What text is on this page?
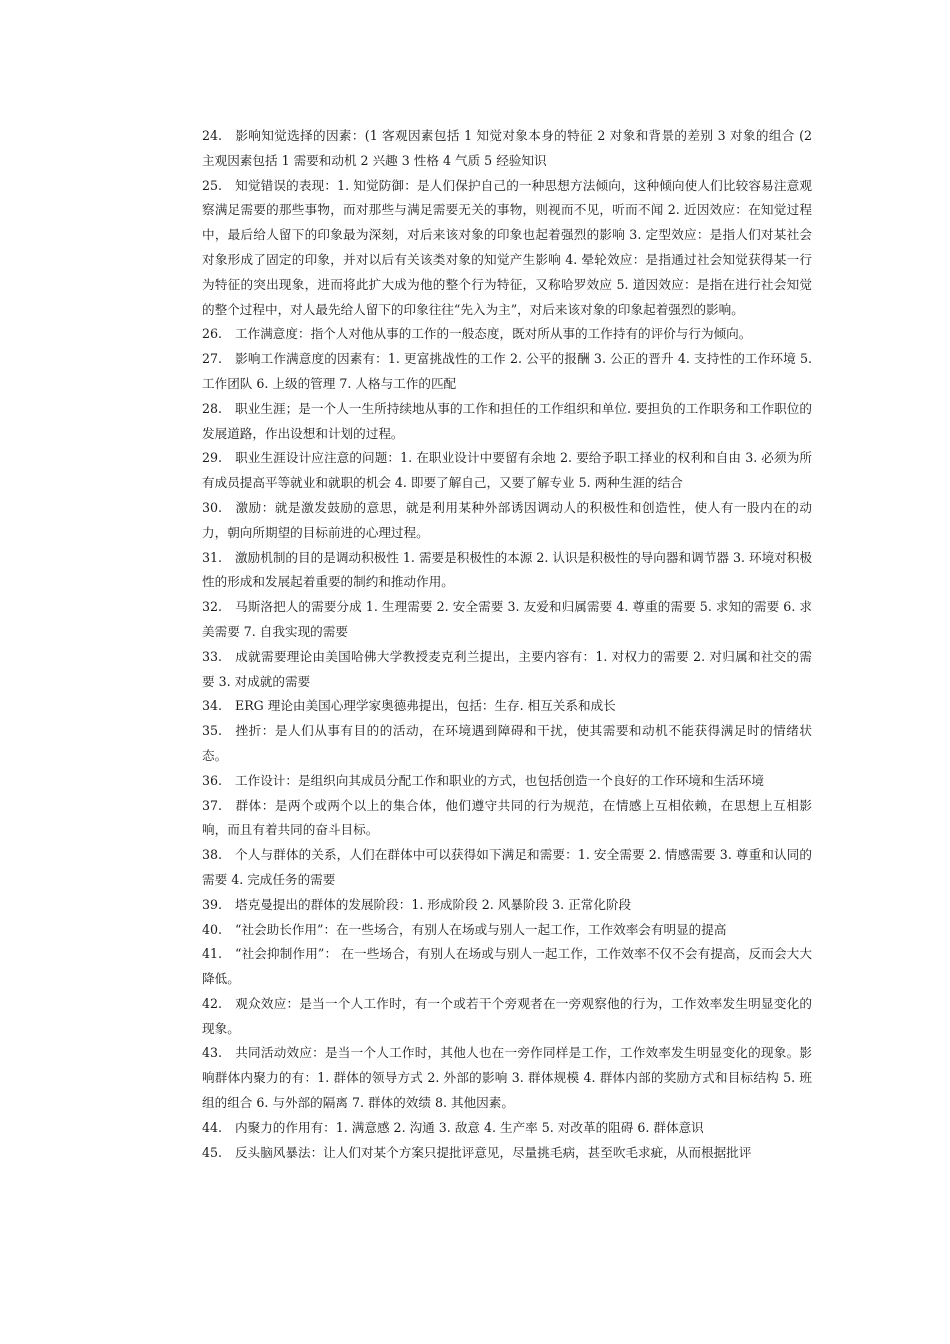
24. 影响知觉选择的因素：(1 客观因素包括 1 知觉对象本身的特征 2 对象和背景的差别 3 对象的组合 (2 主观因素包括 1 需要和动机 2 兴趣 3 性格 4 气质 5 经验知识

25. 知觉错误的表现：1. 知觉防御：是人们保护自己的一种思想方法倾向，这种倾向使人们比较容易注意观察满足需要的那些事物，而对那些与满足需要无关的事物，则视而不见，听而不闻 2. 近因效应：在知觉过程中，最后给人留下的印象最为深刻，对后来该对象的印象也起着强烈的影响 3. 定型效应：是指人们对某社会对象形成了固定的印象，并对以后有关该类对象的知觉产生影响 4. 晕轮效应：是指通过社会知觉获得某一行为特征的突出现象，进而将此扩大成为他的整个行为特征，又称哈罗效应 5. 道因效应：是指在进行社会知觉的整个过程中，对人最先给人留下的印象往往“先入为主”，对后来该对象的印象起着强烈的影响。

26. 工作满意度：指个人对他从事的工作的一般态度，既对所从事的工作持有的评价与行为倾向。

27. 影响工作满意度的因素有：1. 更富挑战性的工作 2. 公平的报酬 3. 公正的晋升 4. 支持性的工作环境 5. 工作团队 6. 上级的管理 7. 人格与工作的匹配

28. 职业生涯；是一个人一生所持续地从事的工作和担任的工作组织和单位. 要担负的工作职务和工作职位的发展道路，作出设想和计划的过程。

29. 职业生涯设计应注意的问题：1. 在职业设计中要留有余地 2. 要给予职工择业的权利和自由 3. 必须为所有成员提高平等就业和就职的机会 4. 即要了解自己，又要了解专业 5. 两种生涯的结合

30. 激励：就是激发鼓励的意思，就是利用某种外部诱因调动人的积极性和创造性，使人有一股内在的动力，朝向所期望的目标前进的心理过程。

31. 激励机制的目的是调动积极性 1. 需要是积极性的本源 2. 认识是积极性的导向器和调节器 3. 环境对积极性的形成和发展起着重要的制约和推动作用。

32. 马斯洛把人的需要分成 1. 生理需要 2. 安全需要 3. 友爱和归属需要 4. 尊重的需要 5. 求知的需要 6. 求美需要 7. 自我实现的需要

33. 成就需要理论由美国哈佛大学教授麦克利兰提出，主要内容有：1. 对权力的需要 2. 对归属和社交的需要 3. 对成就的需要

34. ERG 理论由美国心理学家奥德弗提出，包括：生存. 相互关系和成长

35. 挫折：是人们从事有目的的活动，在环境遇到障碍和干扰，使其需要和动机不能获得满足时的情绪状态。

36. 工作设计：是组织向其成员分配工作和职业的方式，也包括创造一个良好的工作环境和生活环境

37. 群体：是两个或两个以上的集合体，他们遵守共同的行为规范，在情感上互相依赖，在思想上互相影响，而且有着共同的奋斗目标。

38. 个人与群体的关系，人们在群体中可以获得如下满足和需要：1. 安全需要 2. 情感需要 3. 尊重和认同的需要 4. 完成任务的需要

39. 塔克曼提出的群体的发展阶段：1. 形成阶段 2. 风暴阶段 3. 正常化阶段

40. “社会助长作用”：在一些场合，有别人在场或与别人一起工作，工作效率会有明显的提高

41. “社会抑制作用”： 在一些场合，有别人在场或与别人一起工作，工作效率不仅不会有提高，反而会大大降低。

42. 观众效应：是当一个人工作时，有一个或若干个旁观者在一旁观察他的行为，工作效率发生明显变化的现象。

43. 共同活动效应：是当一个人工作时，其他人也在一旁作同样是工作，工作效率发生明显变化的现象。影响群体内聚力的有：1. 群体的领导方式 2. 外部的影响 3. 群体规模 4. 群体内部的奖励方式和目标结构 5. 班组的组合 6. 与外部的隔离 7. 群体的效绩 8. 其他因素。

44. 内聚力的作用有：1. 满意感 2. 沟通 3. 敌意 4. 生产率 5. 对改革的阻碍 6. 群体意识

45. 反头脑风暴法：让人们对某个方案只提批评意见，尽量挑毛病，甚至吹毛求疵，从而根据批评
